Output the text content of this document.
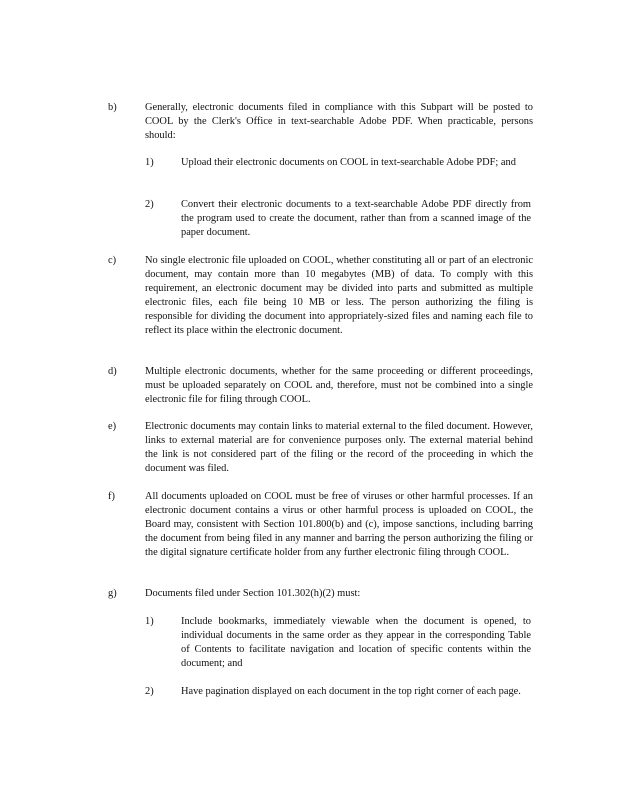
b)	Generally, electronic documents filed in compliance with this Subpart will be posted to COOL by the Clerk's Office in text-searchable Adobe PDF. When practicable, persons should:
1)	Upload their electronic documents on COOL in text-searchable Adobe PDF; and
2)	Convert their electronic documents to a text-searchable Adobe PDF directly from the program used to create the document, rather than from a scanned image of the paper document.
c)	No single electronic file uploaded on COOL, whether constituting all or part of an electronic document, may contain more than 10 megabytes (MB) of data. To comply with this requirement, an electronic document may be divided into parts and submitted as multiple electronic files, each file being 10 MB or less. The person authorizing the filing is responsible for dividing the document into appropriately-sized files and naming each file to reflect its place within the electronic document.
d)	Multiple electronic documents, whether for the same proceeding or different proceedings, must be uploaded separately on COOL and, therefore, must not be combined into a single electronic file for filing through COOL.
e)	Electronic documents may contain links to material external to the filed document. However, links to external material are for convenience purposes only. The external material behind the link is not considered part of the filing or the record of the proceeding in which the document was filed.
f)	All documents uploaded on COOL must be free of viruses or other harmful processes. If an electronic document contains a virus or other harmful process is uploaded on COOL, the Board may, consistent with Section 101.800(b) and (c), impose sanctions, including barring the document from being filed in any manner and barring the person authorizing the filing or the digital signature certificate holder from any further electronic filing through COOL.
g)	Documents filed under Section 101.302(h)(2) must:
1)	Include bookmarks, immediately viewable when the document is opened, to individual documents in the same order as they appear in the corresponding Table of Contents to facilitate navigation and location of specific contents within the document; and
2)	Have pagination displayed on each document in the top right corner of each page.
